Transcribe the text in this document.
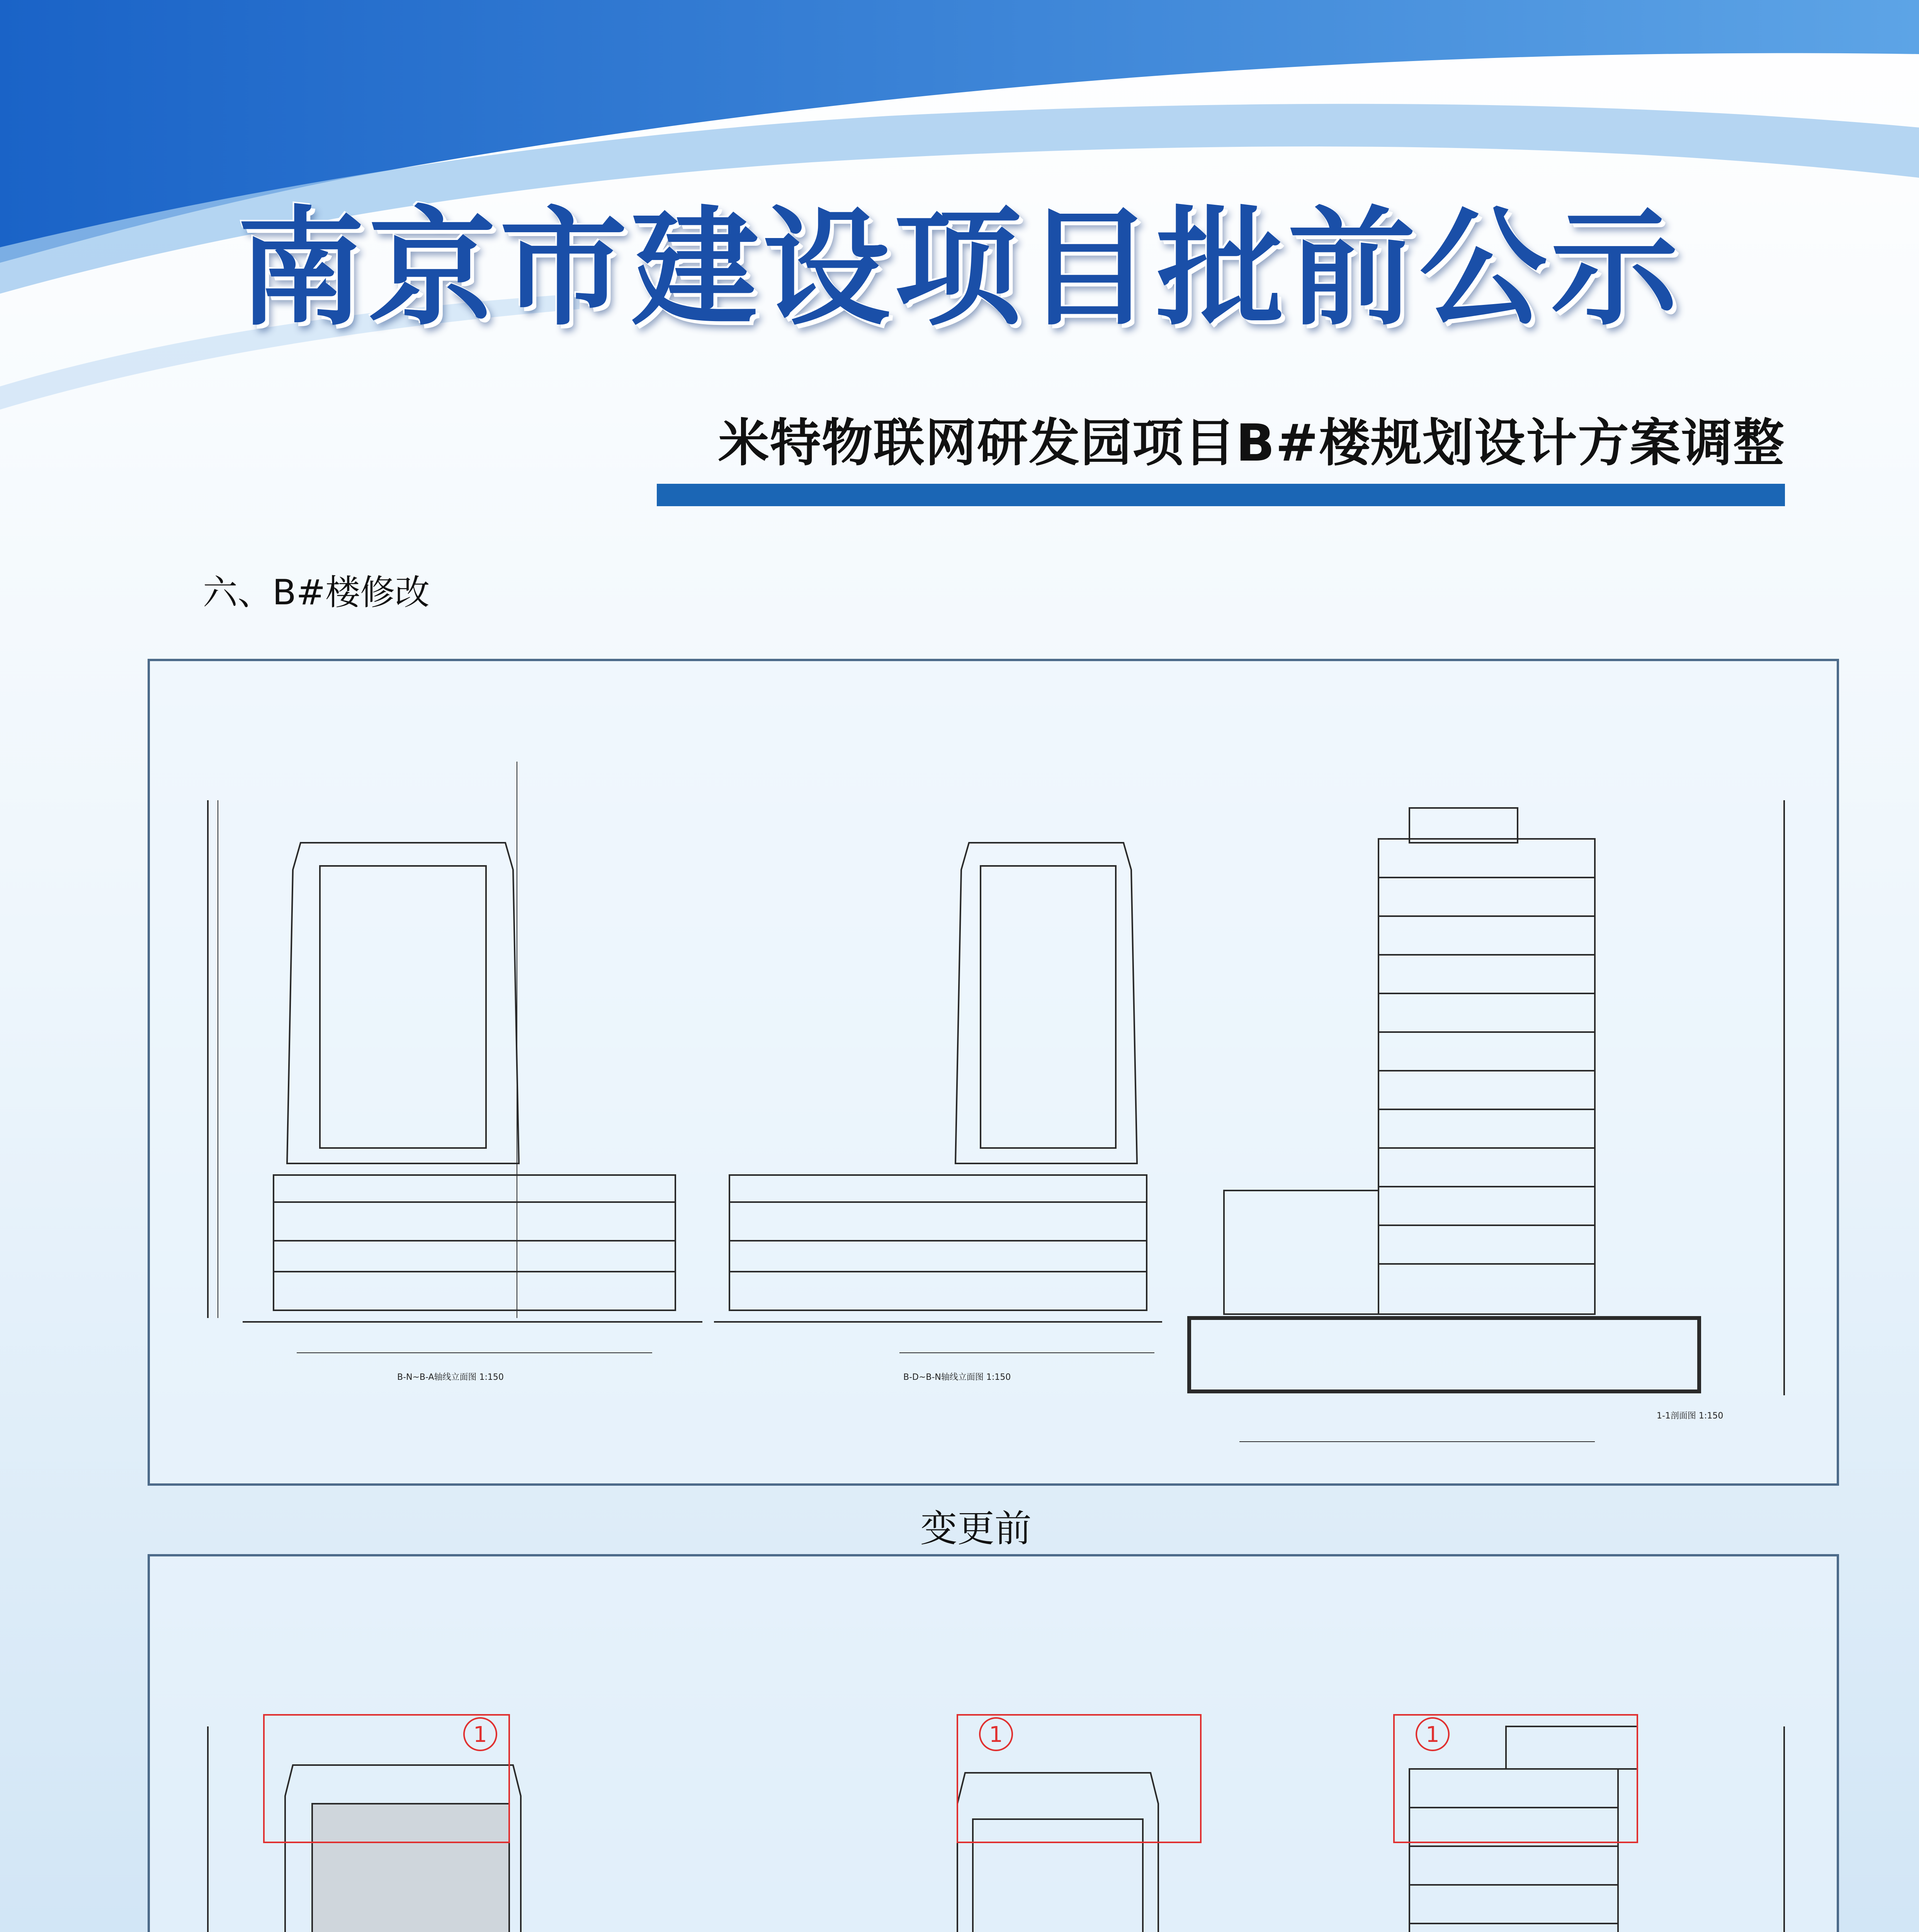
南京市建设项目批前公示
米特物联网研发园项目B#楼规划设计方案调整
六、B#楼修改
B-N~B-A轴线立面图 1:150	B-D~B-N轴线立面图 1:150
1-1剖面图 1:150
变更前
1	1	1
